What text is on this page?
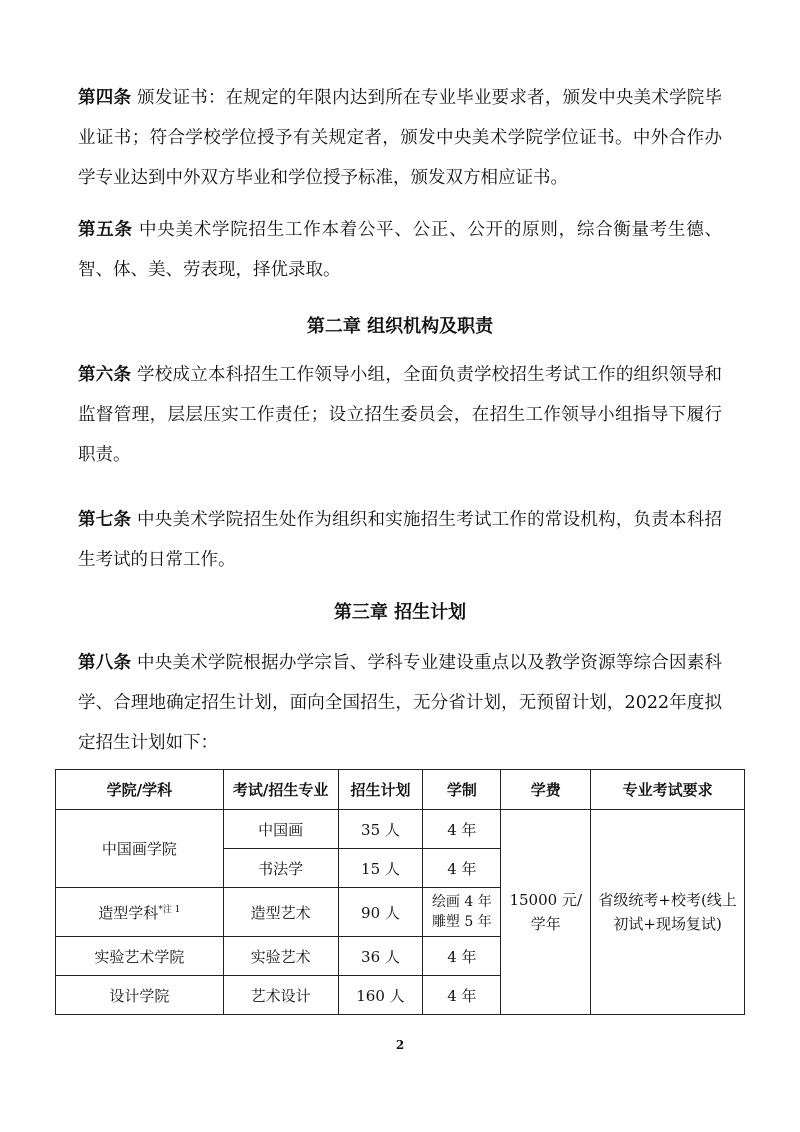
第四条 颁发证书：在规定的年限内达到所在专业毕业要求者，颁发中央美术学院毕业证书；符合学校学位授予有关规定者，颁发中央美术学院学位证书。中外合作办学专业达到中外双方毕业和学位授予标准，颁发双方相应证书。

第五条 中央美术学院招生工作本着公平、公正、公开的原则，综合衡量考生德、智、体、美、劳表现，择优录取。

第二章 组织机构及职责

第六条 学校成立本科招生工作领导小组，全面负责学校招生考试工作的组织领导和监督管理，层层压实工作责任；设立招生委员会，在招生工作领导小组指导下履行职责。

第七条 中央美术学院招生处作为组织和实施招生考试工作的常设机构，负责本科招生考试的日常工作。

第三章 招生计划

第八条 中央美术学院根据办学宗旨、学科专业建设重点以及教学资源等综合因素科学、合理地确定招生计划，面向全国招生，无分省计划，无预留计划，2022年度拟定招生计划如下：

学院/学科	考试/招生专业	招生计划	学制	学费	专业考试要求
中国画学院	中国画	35 人	4 年	15000 元/学年	省级统考+校考(线上初试+现场复试)
	书法学	15 人	4 年		
造型学科$^{*注 1}$	造型艺术	90 人	绘画 4 年 雕塑 5 年		
实验艺术学院	实验艺术	36 人	4 年		
设计学院	艺术设计	160 人	4 年		
2
